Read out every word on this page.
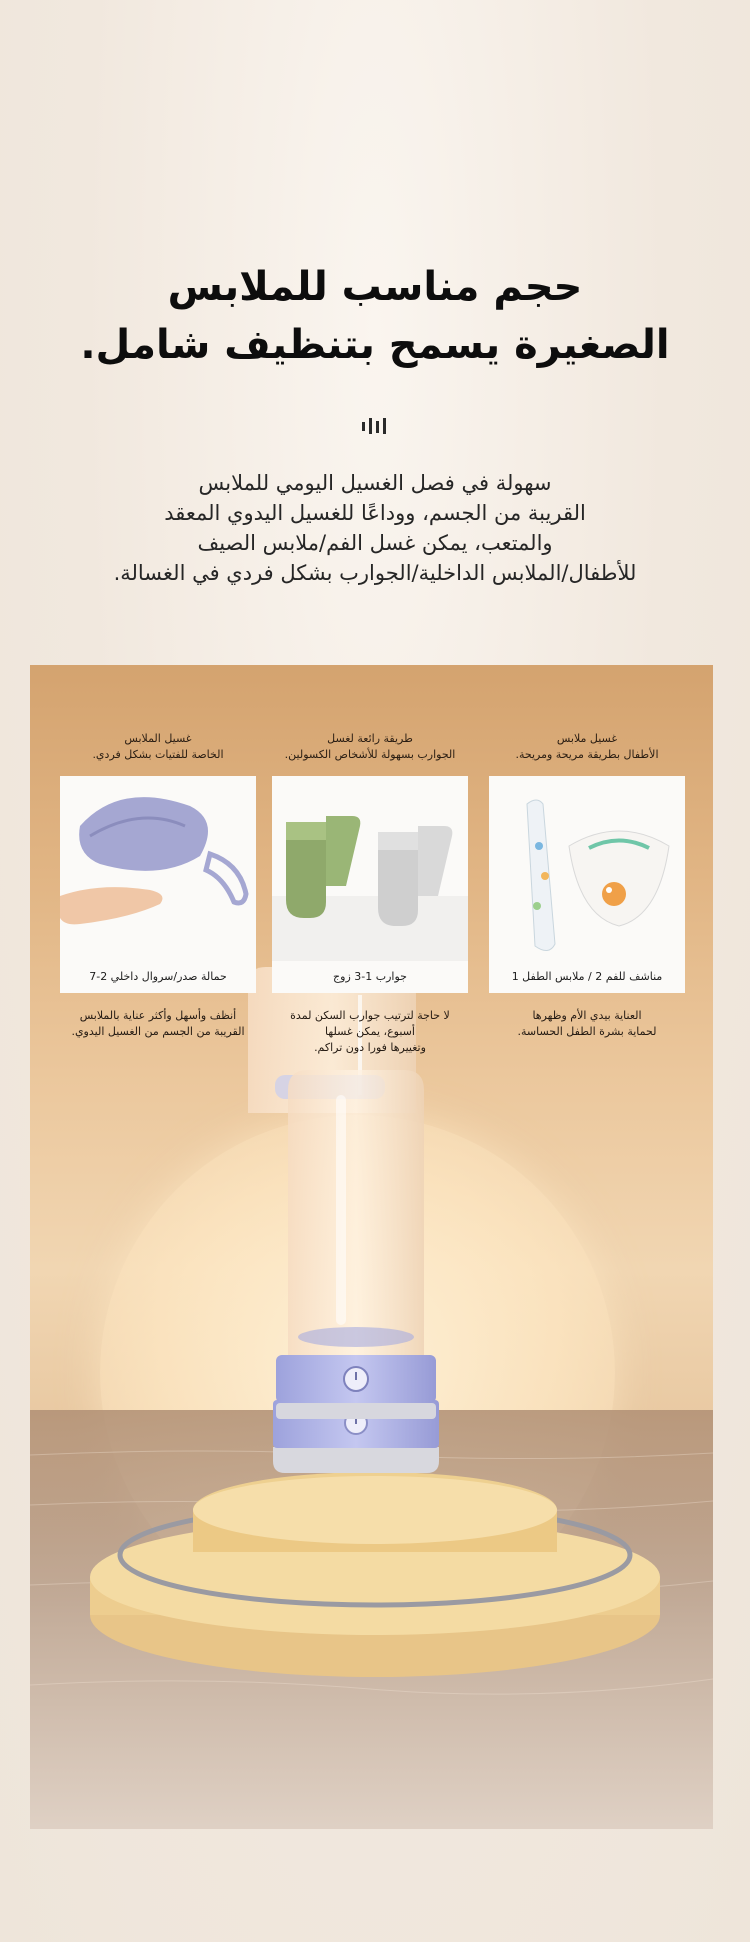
حجم مناسب للملابس
الصغيرة يسمح بتنظيف شامل.
سهولة في فصل الغسيل اليومي للملابس
القريبة من الجسم، ووداعًا للغسيل اليدوي المعقد
والمتعب، يمكن غسل الفم/ملابس الصيف
للأطفال/الملابس الداخلية/الجوارب بشكل فردي في الغسالة.
غسيل ملابس
الأطفال بطريقة مريحة ومريحة.
مناشف للفم 2 / ملابس الطفل 1
العناية بيدي الأم وظهرها
لحماية بشرة الطفل الحساسة.
طريقة رائعة لغسل
الجوارب بسهولة للأشخاص الكسولين.
جوارب 1-3 زوج
لا حاجة لترتيب جوارب السكن لمدة
أسبوع، يمكن غسلها
وتغييرها فورا دون تراكم.
غسيل الملابس
الخاصة للفتيات بشكل فردي.
حمالة صدر/سروال داخلي 2-7
أنظف وأسهل وأكثر عناية بالملابس
القريبة من الجسم من الغسيل اليدوي.
